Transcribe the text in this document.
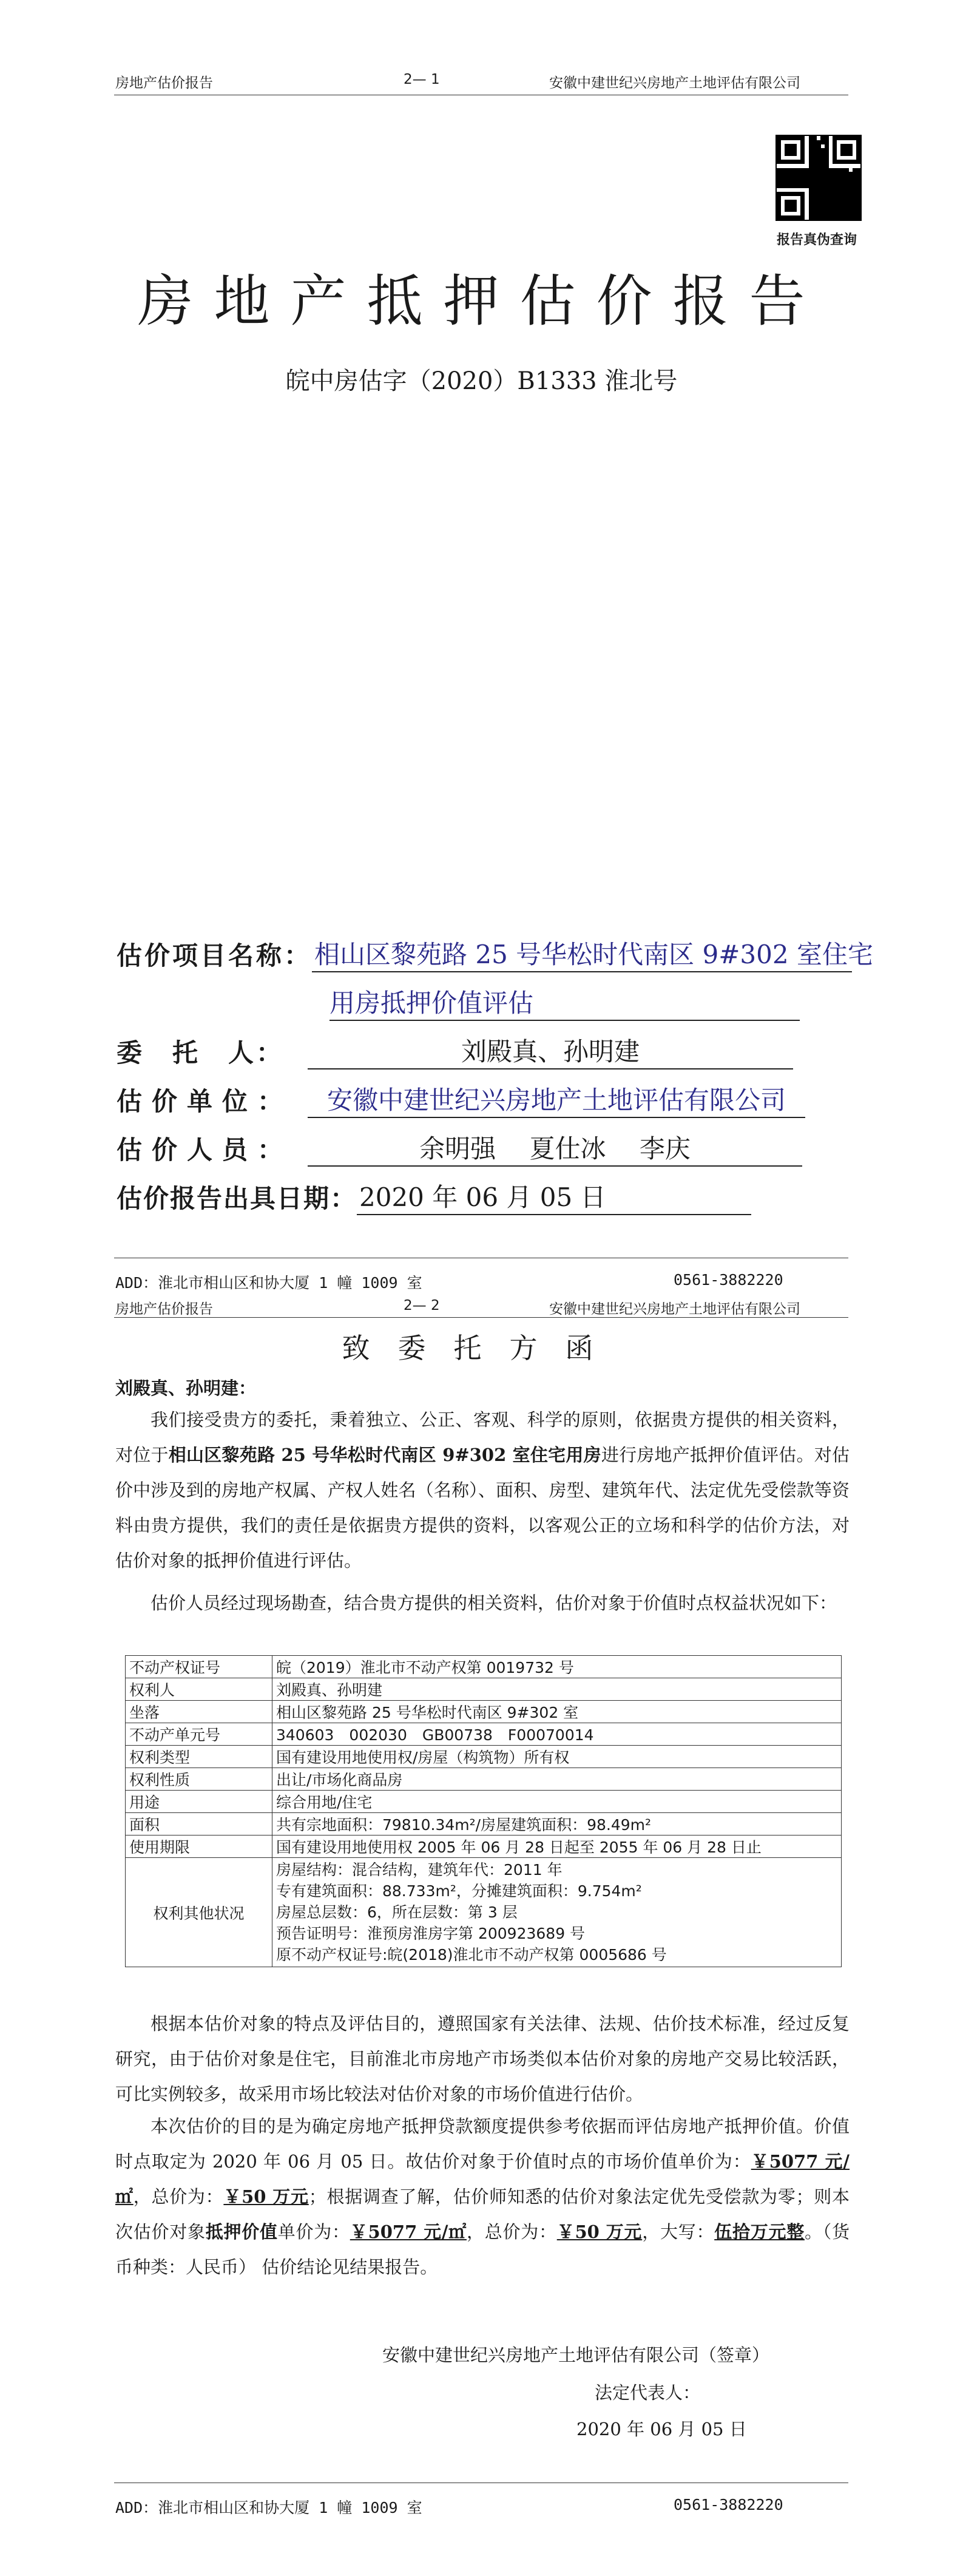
房地产估价报告	2— 1	安徽中建世纪兴房地产土地评估有限公司
报告真伪查询
房地产抵押估价报告
皖中房估字（2020）B1333 淮北号
估价项目名称： 相山区黎苑路 25 号华松时代南区 9#302 室住宅
用房抵押价值评估
委　托　人：	刘殿真、孙明建
估价单位：	安徽中建世纪兴房地产土地评估有限公司
估价人员：	余明强　 夏仕冰　 李庆
估价报告出具日期： 2020 年 06 月 05 日
ADD：淮北市相山区和协大厦 1 幢 1009 室	0561-3882220
房地产估价报告	2— 2	安徽中建世纪兴房地产土地评估有限公司
致委托方函
刘殿真、孙明建：
我们接受贵方的委托，秉着独立、公正、客观、科学的原则，依据贵方提供的相关资料，对位于相山区黎苑路 25 号华松时代南区 9#302 室住宅用房进行房地产抵押价值评估。对估价中涉及到的房地产权属、产权人姓名（名称）、面积、房型、建筑年代、法定优先受偿款等资料由贵方提供，我们的责任是依据贵方提供的资料，以客观公正的立场和科学的估价方法，对估价对象的抵押价值进行评估。
估价人员经过现场勘查，结合贵方提供的相关资料，估价对象于价值时点权益状况如下：
不动产权证号	皖（2019）淮北市不动产权第 0019732 号
权利人	刘殿真、孙明建
坐落	相山区黎苑路 25 号华松时代南区 9#302 室
不动产单元号	340603　002030　GB00738　F00070014
权利类型	国有建设用地使用权/房屋（构筑物）所有权
权利性质	出让/市场化商品房
用途	综合用地/住宅
面积	共有宗地面积：79810.34m²/房屋建筑面积：98.49m²
使用期限	国有建设用地使用权 2005 年 06 月 28 日起至 2055 年 06 月 28 日止
权利其他状况	房屋结构：混合结构，建筑年代：2011 年
专有建筑面积：88.733m²，分摊建筑面积：9.754m²
房屋总层数：6，所在层数：第 3 层
预告证明号：淮预房淮房字第 200923689 号
原不动产权证号:皖(2018)淮北市不动产权第 0005686 号
根据本估价对象的特点及评估目的，遵照国家有关法律、法规、估价技术标准，经过反复研究，由于估价对象是住宅，目前淮北市房地产市场类似本估价对象的房地产交易比较活跃，可比实例较多，故采用市场比较法对估价对象的市场价值进行估价。
本次估价的目的是为确定房地产抵押贷款额度提供参考依据而评估房地产抵押价值。价值时点取定为 2020 年 06 月 05 日。故估价对象于价值时点的市场价值单价为：￥5077 元/㎡，总价为：￥50 万元；根据调查了解，估价师知悉的估价对象法定优先受偿款为零；则本次估价对象抵押价值单价为：￥5077 元/㎡，总价为：￥50 万元，大写：伍拾万元整。（货币种类：人民币） 估价结论见结果报告。
安徽中建世纪兴房地产土地评估有限公司（签章）
法定代表人：
2020 年 06 月 05 日
ADD：淮北市相山区和协大厦 1 幢 1009 室	0561-3882220
